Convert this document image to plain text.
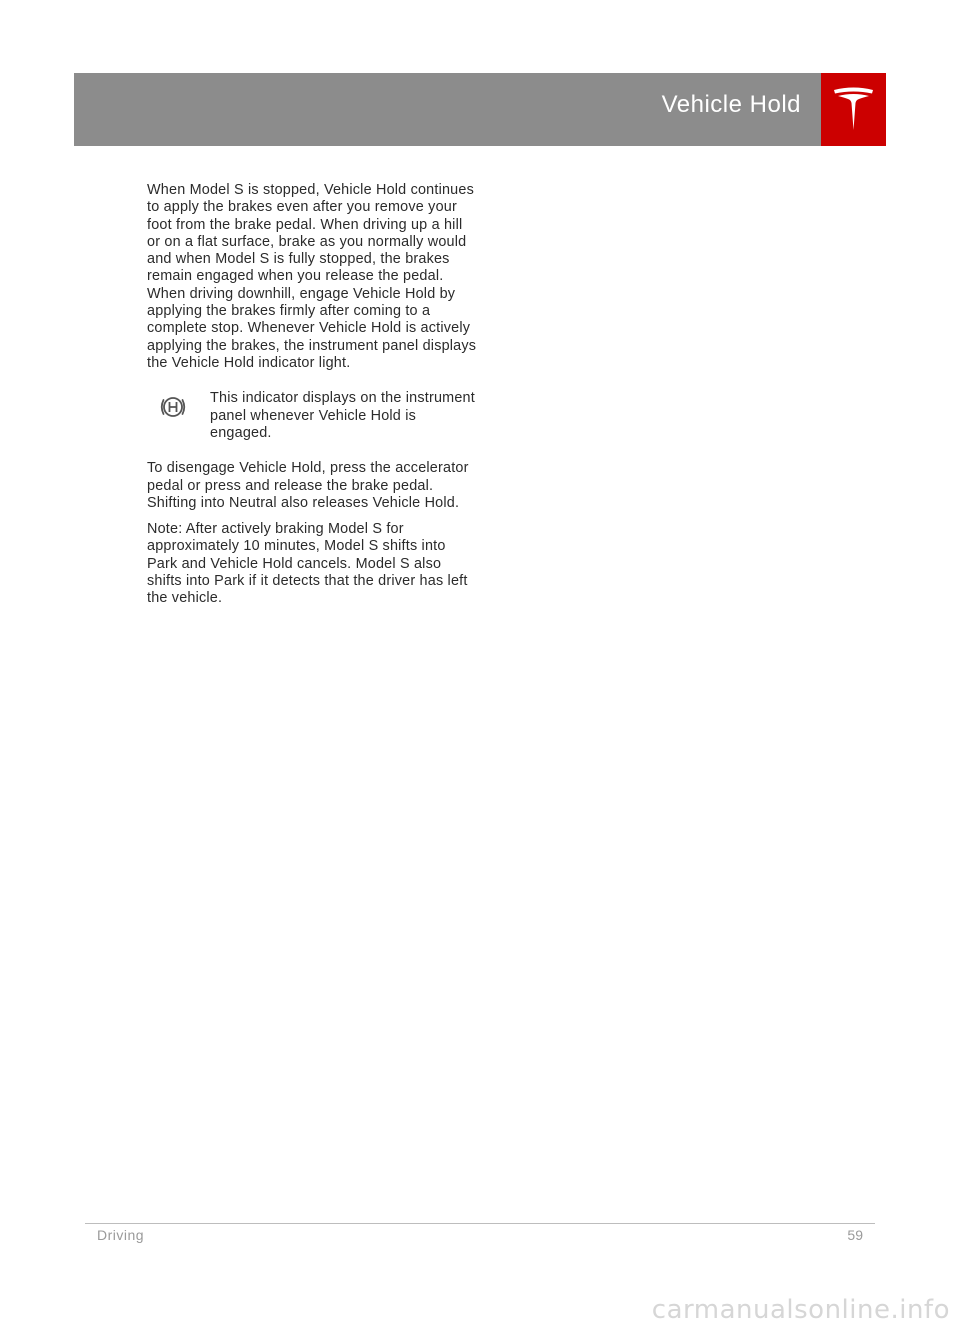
Vehicle Hold

When Model S is stopped, Vehicle Hold continues to apply the brakes even after you remove your foot from the brake pedal. When driving up a hill or on a flat surface, brake as you normally would and when Model S is fully stopped, the brakes remain engaged when you release the pedal. When driving downhill, engage Vehicle Hold by applying the brakes firmly after coming to a complete stop. Whenever Vehicle Hold is actively applying the brakes, the instrument panel displays the Vehicle Hold indicator light.

This indicator displays on the instrument panel whenever Vehicle Hold is engaged.

To disengage Vehicle Hold, press the accelerator pedal or press and release the brake pedal. Shifting into Neutral also releases Vehicle Hold.

Note: After actively braking Model S for approximately 10 minutes, Model S shifts into Park and Vehicle Hold cancels. Model S also shifts into Park if it detects that the driver has left the vehicle.

Driving	59
carmanualsonline.info
